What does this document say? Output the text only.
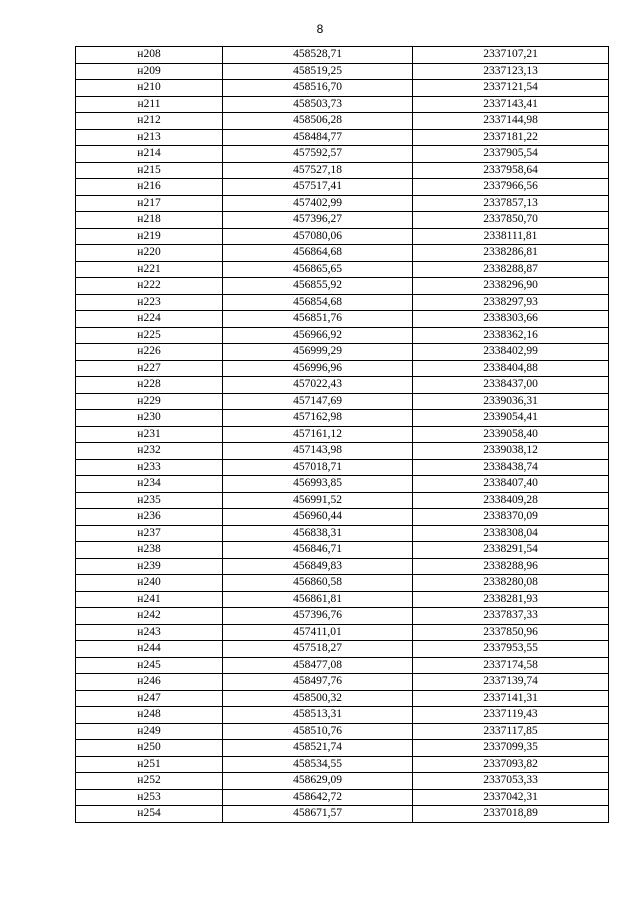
8
н208	458528,71	2337107,21
н209	458519,25	2337123,13
н210	458516,70	2337121,54
н211	458503,73	2337143,41
н212	458506,28	2337144,98
н213	458484,77	2337181,22
н214	457592,57	2337905,54
н215	457527,18	2337958,64
н216	457517,41	2337966,56
н217	457402,99	2337857,13
н218	457396,27	2337850,70
н219	457080,06	2338111,81
н220	456864,68	2338286,81
н221	456865,65	2338288,87
н222	456855,92	2338296,90
н223	456854,68	2338297,93
н224	456851,76	2338303,66
н225	456966,92	2338362,16
н226	456999,29	2338402,99
н227	456996,96	2338404,88
н228	457022,43	2338437,00
н229	457147,69	2339036,31
н230	457162,98	2339054,41
н231	457161,12	2339058,40
н232	457143,98	2339038,12
н233	457018,71	2338438,74
н234	456993,85	2338407,40
н235	456991,52	2338409,28
н236	456960,44	2338370,09
н237	456838,31	2338308,04
н238	456846,71	2338291,54
н239	456849,83	2338288,96
н240	456860,58	2338280,08
н241	456861,81	2338281,93
н242	457396,76	2337837,33
н243	457411,01	2337850,96
н244	457518,27	2337953,55
н245	458477,08	2337174,58
н246	458497,76	2337139,74
н247	458500,32	2337141,31
н248	458513,31	2337119,43
н249	458510,76	2337117,85
н250	458521,74	2337099,35
н251	458534,55	2337093,82
н252	458629,09	2337053,33
н253	458642,72	2337042,31
н254	458671,57	2337018,89
